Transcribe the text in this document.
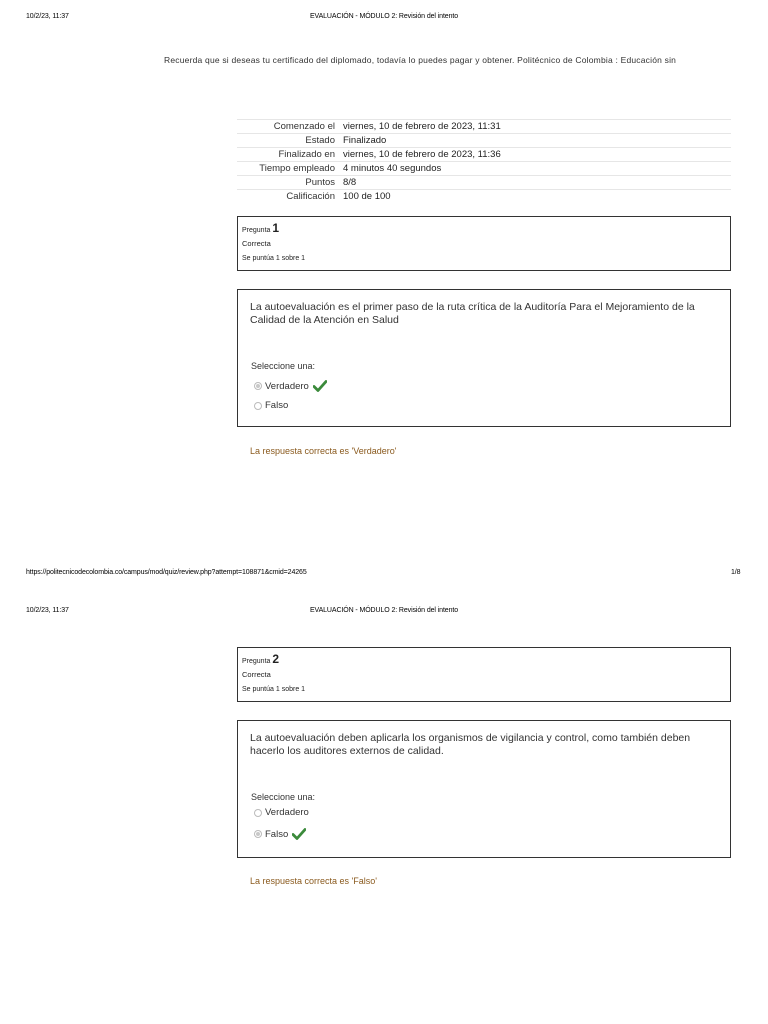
10/2/23, 11:37	EVALUACIÓN - MÓDULO 2: Revisión del intento
Recuerda que si deseas tu certificado del diplomado, todavía lo puedes pagar y obtener. Politécnico de Colombia : Educación sin
Comenzado el	viernes, 10 de febrero de 2023, 11:31
Estado	Finalizado
Finalizado en	viernes, 10 de febrero de 2023, 11:36
Tiempo empleado	4 minutos 40 segundos
Puntos	8/8
Calificación	100 de 100
Pregunta 1
Correcta
Se puntúa 1 sobre 1
La autoevaluación es el primer paso de la ruta crítica de la Auditoría Para el Mejoramiento de la Calidad de la Atención en Salud
Seleccione una:
Verdadero
Falso
La respuesta correcta es 'Verdadero'
https://politecnicodecolombia.co/campus/mod/quiz/review.php?attempt=108871&cmid=24265	1/8
10/2/23, 11:37	EVALUACIÓN - MÓDULO 2: Revisión del intento
Pregunta 2
Correcta
Se puntúa 1 sobre 1
La autoevaluación deben aplicarla los organismos de vigilancia y control, como también deben hacerlo los auditores externos de calidad.
Seleccione una:
Verdadero
Falso
La respuesta correcta es 'Falso'
